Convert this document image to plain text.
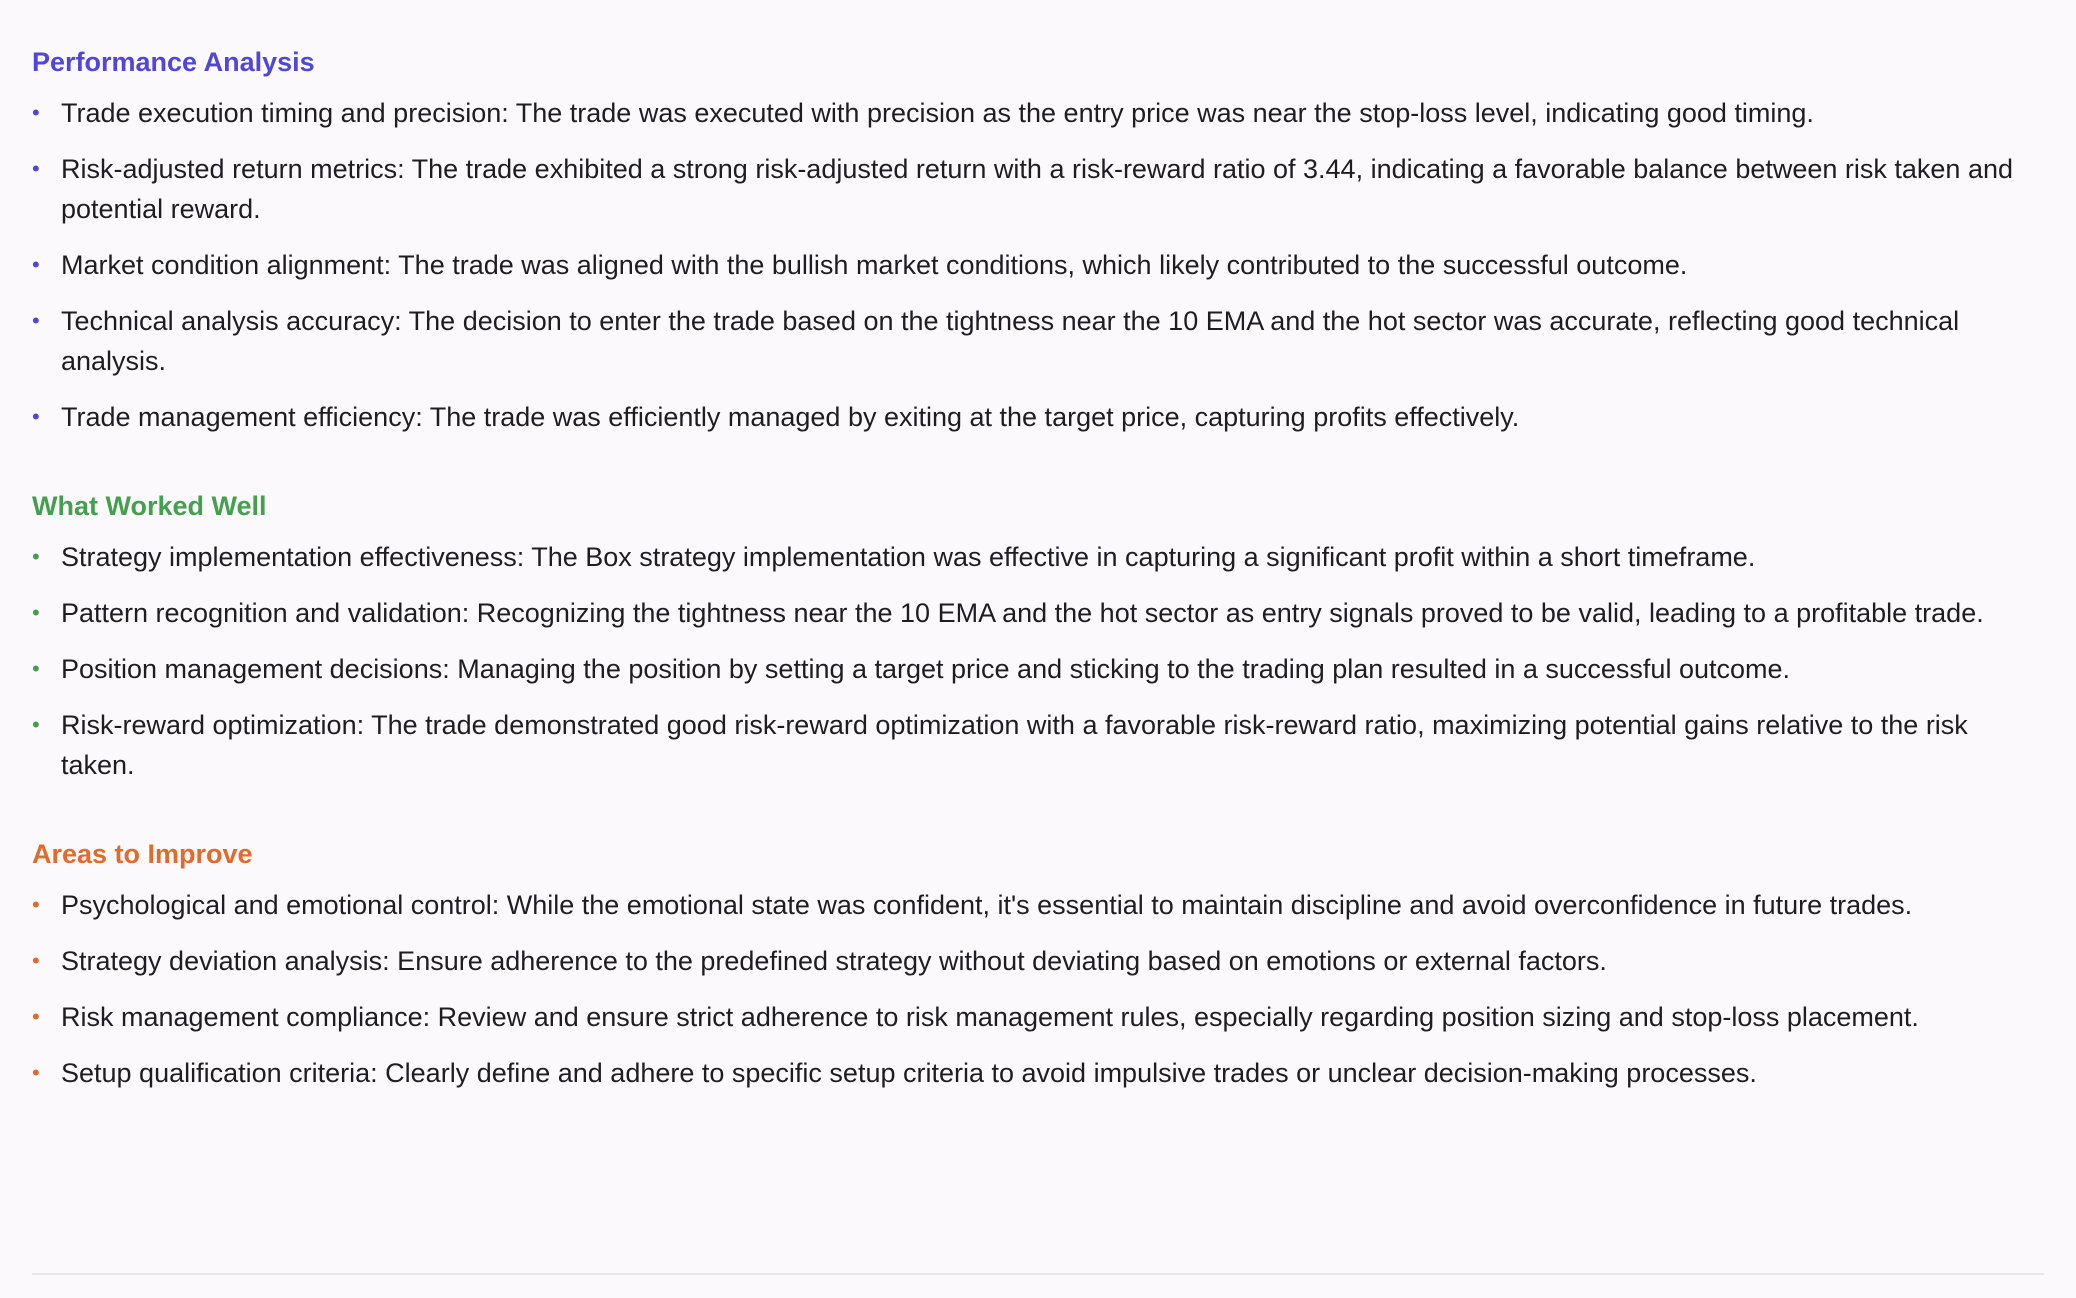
Performance Analysis
• Trade execution timing and precision: The trade was executed with precision as the entry price was near the stop-loss level, indicating good timing.
• Risk-adjusted return metrics: The trade exhibited a strong risk-adjusted return with a risk-reward ratio of 3.44, indicating a favorable balance between risk taken and potential reward.
• Market condition alignment: The trade was aligned with the bullish market conditions, which likely contributed to the successful outcome.
• Technical analysis accuracy: The decision to enter the trade based on the tightness near the 10 EMA and the hot sector was accurate, reflecting good technical analysis.
• Trade management efficiency: The trade was efficiently managed by exiting at the target price, capturing profits effectively.
What Worked Well
• Strategy implementation effectiveness: The Box strategy implementation was effective in capturing a significant profit within a short timeframe.
• Pattern recognition and validation: Recognizing the tightness near the 10 EMA and the hot sector as entry signals proved to be valid, leading to a profitable trade.
• Position management decisions: Managing the position by setting a target price and sticking to the trading plan resulted in a successful outcome.
• Risk-reward optimization: The trade demonstrated good risk-reward optimization with a favorable risk-reward ratio, maximizing potential gains relative to the risk taken.
Areas to Improve
• Psychological and emotional control: While the emotional state was confident, it's essential to maintain discipline and avoid overconfidence in future trades.
• Strategy deviation analysis: Ensure adherence to the predefined strategy without deviating based on emotions or external factors.
• Risk management compliance: Review and ensure strict adherence to risk management rules, especially regarding position sizing and stop-loss placement.
• Setup qualification criteria: Clearly define and adhere to specific setup criteria to avoid impulsive trades or unclear decision-making processes.
